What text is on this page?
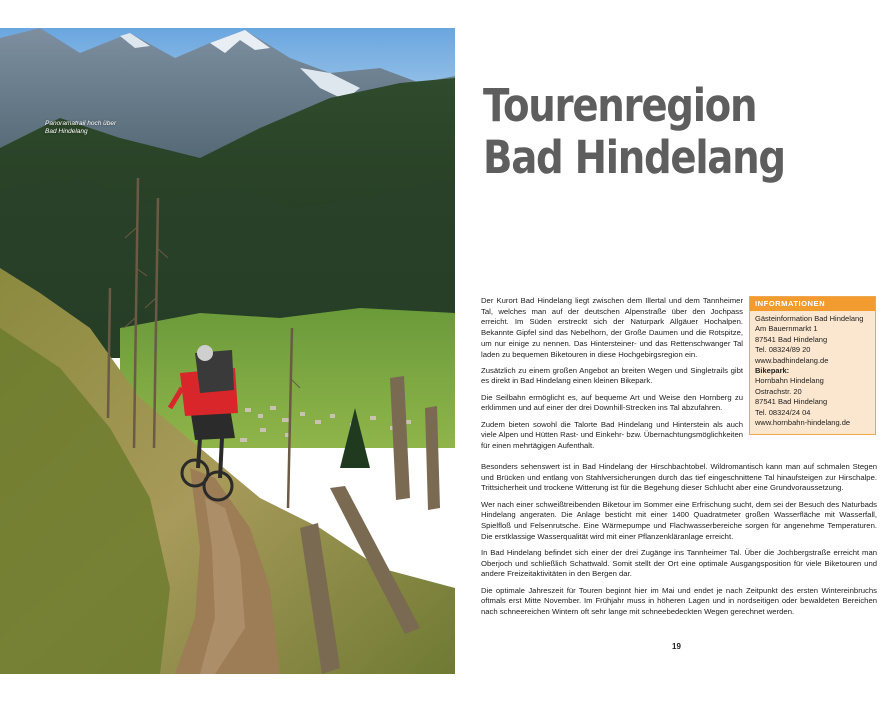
Panoramatrail hoch über
Bad Hindelang	Tourenregion
Bad Hindelang

Der Kurort Bad Hindelang liegt zwischen dem Illertal und dem Tannheimer Tal, welches man auf der deutschen Alpenstraße über den Jochpass erreicht. Im Süden erstreckt sich der Naturpark Allgäuer Hochalpen. Bekannte Gipfel sind das Nebelhorn, der Große Daumen und die Rotspitze, um nur einige zu nennen. Das Hintersteiner- und das Rettenschwanger Tal laden zu bequemen Biketouren in diese Hochgebirgsregion ein.

Zusätzlich zu einem großen Angebot an breiten Wegen und Singletrails gibt es direkt in Bad Hindelang einen kleinen Bikepark.

Die Seilbahn ermöglicht es, auf bequeme Art und Weise den Hornberg zu erklimmen und auf einer der drei Downhill-Strecken ins Tal abzufahren.

Zudem bieten sowohl die Talorte Bad Hindelang und Hinterstein als auch viele Alpen und Hütten Rast- und Einkehr- bzw. Übernachtungsmöglichkeiten für einen mehrtägigen Aufenthalt.

INFORMATIONEN
Gästeinformation Bad Hindelang
Am Bauernmarkt 1
87541 Bad Hindelang
Tel. 08324/89 20
www.badhindelang.de
Bikepark:
Hornbahn Hindelang
Ostrachstr. 20
87541 Bad Hindelang
Tel. 08324/24 04
www.hornbahn-hindelang.de

Besonders sehenswert ist in Bad Hindelang der Hirschbachtobel. Wildromantisch kann man auf schmalen Stegen und Brücken und entlang von Stahlversicherungen durch das tief eingeschnittene Tal hinaufsteigen zur Hirschalpe. Trittsicherheit und trockene Witterung ist für die Begehung dieser Schlucht aber eine Grundvoraussetzung.

Wer nach einer schweißtreibenden Biketour im Sommer eine Erfrischung sucht, dem sei der Besuch des Naturbads Hindelang angeraten. Die Anlage besticht mit einer 1400 Quadratmeter großen Wasserfläche mit Wasserfall, Spielfloß und Felsenrutsche. Eine Wärmepumpe und Flachwasserbereiche sorgen für angenehme Temperaturen. Die erstklassige Wasserqualität wird mit einer Pflanzenkläranlage erreicht.

In Bad Hindelang befindet sich einer der drei Zugänge ins Tannheimer Tal. Über die Jochbergstraße erreicht man Oberjoch und schließlich Schattwald. Somit stellt der Ort eine optimale Ausgangsposition für viele Biketouren und andere Freizeitaktivitäten in den Bergen dar.

Die optimale Jahreszeit für Touren beginnt hier im Mai und endet je nach Zeitpunkt des ersten Wintereinbruchs oftmals erst Mitte November. Im Frühjahr muss in höheren Lagen und in nordseitigen oder bewaldeten Bereichen nach schneereichen Wintern oft sehr lange mit schneebedeckten Wegen gerechnet werden.

19
